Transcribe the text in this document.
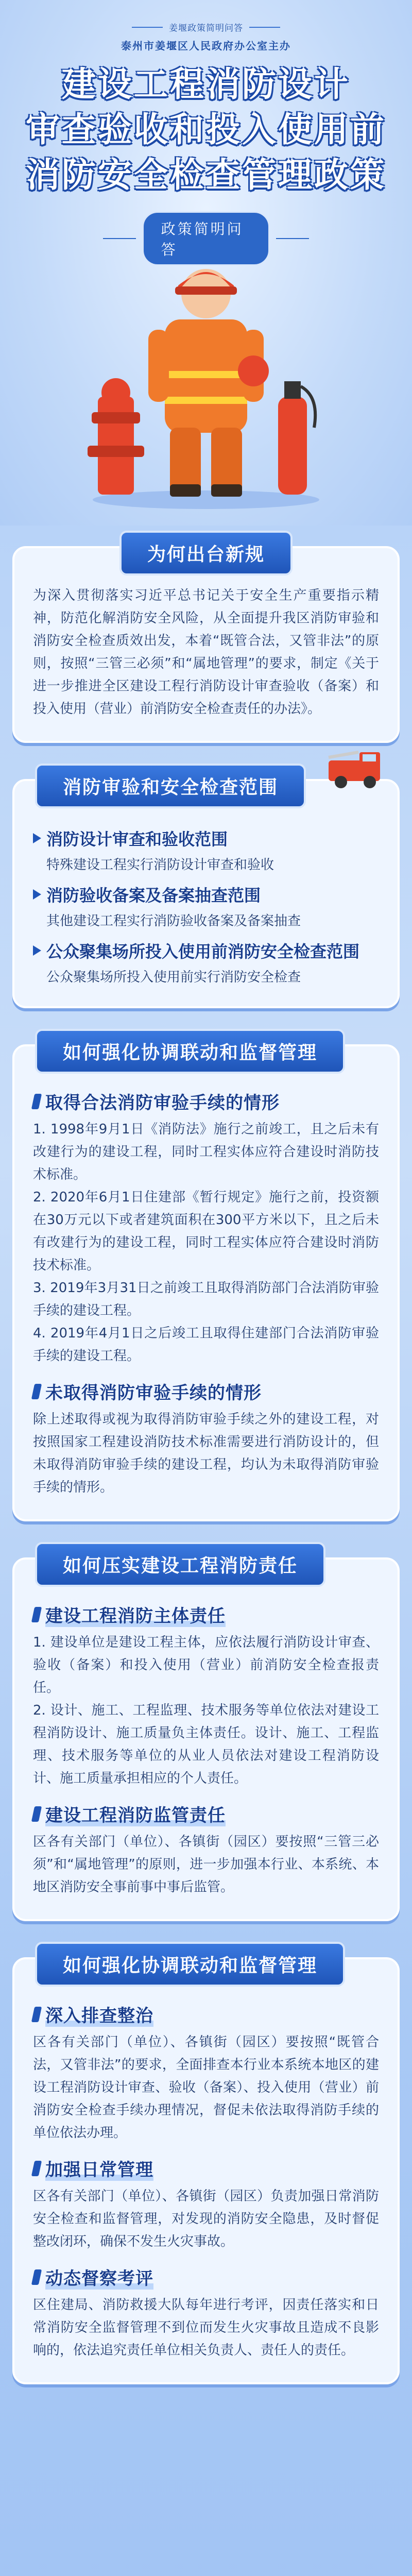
姜堰政策简明问答
泰州市姜堰区人民政府办公室主办
建设工程消防设计
审查验收和投入使用前
消防安全检查管理政策
政策简明问答
为何出台新规

为深入贯彻落实习近平总书记关于安全生产重要指示精神，防范化解消防安全风险，从全面提升我区消防审验和消防安全检查质效出发，本着“既管合法，又管非法”的原则，按照“三管三必须”和“属地管理”的要求，制定《关于进一步推进全区建设工程行消防设计审查验收（备案）和投入使用（营业）前消防安全检查责任的办法》。

消防审验和安全检查范围
消防设计审查和验收范围
特殊建设工程实行消防设计审查和验收
消防验收备案及备案抽查范围
其他建设工程实行消防验收备案及备案抽查
公众聚集场所投入使用前消防安全检查范围
公众聚集场所投入使用前实行消防安全检查
如何强化协调联动和监督管理
取得合法消防审验手续的情形

1. 1998年9月1日《消防法》施行之前竣工，且之后未有改建行为的建设工程，同时工程实体应符合建设时消防技术标准。

2. 2020年6月1日住建部《暂行规定》施行之前，投资额在30万元以下或者建筑面积在300平方米以下，且之后未有改建行为的建设工程，同时工程实体应符合建设时消防技术标准。

3. 2019年3月31日之前竣工且取得消防部门合法消防审验手续的建设工程。

4. 2019年4月1日之后竣工且取得住建部门合法消防审验手续的建设工程。

未取得消防审验手续的情形

除上述取得或视为取得消防审验手续之外的建设工程，对按照国家工程建设消防技术标准需要进行消防设计的，但未取得消防审验手续的建设工程，均认为未取得消防审验手续的情形。

如何压实建设工程消防责任
建设工程消防主体责任

1. 建设单位是建设工程主体，应依法履行消防设计审查、验收（备案）和投入使用（营业）前消防安全检查报责任。

2. 设计、施工、工程监理、技术服务等单位依法对建设工程消防设计、施工质量负主体责任。设计、施工、工程监理、技术服务等单位的从业人员依法对建设工程消防设计、施工质量承担相应的个人责任。

建设工程消防监管责任

区各有关部门（单位）、各镇街（园区）要按照“三管三必须”和“属地管理”的原则，进一步加强本行业、本系统、本地区消防安全事前事中事后监管。

如何强化协调联动和监督管理
深入排查整治

区各有关部门（单位）、各镇街（园区）要按照“既管合法，又管非法”的要求，全面排查本行业本系统本地区的建设工程消防设计审查、验收（备案）、投入使用（营业）前消防安全检查手续办理情况，督促未依法取得消防手续的单位依法办理。

加强日常管理

区各有关部门（单位）、各镇街（园区）负责加强日常消防安全检查和监督管理，对发现的消防安全隐患，及时督促整改闭环，确保不发生火灾事故。

动态督察考评

区住建局、消防救援大队每年进行考评，因责任落实和日常消防安全监督管理不到位而发生火灾事故且造成不良影响的，依法追究责任单位相关负责人、责任人的责任。
